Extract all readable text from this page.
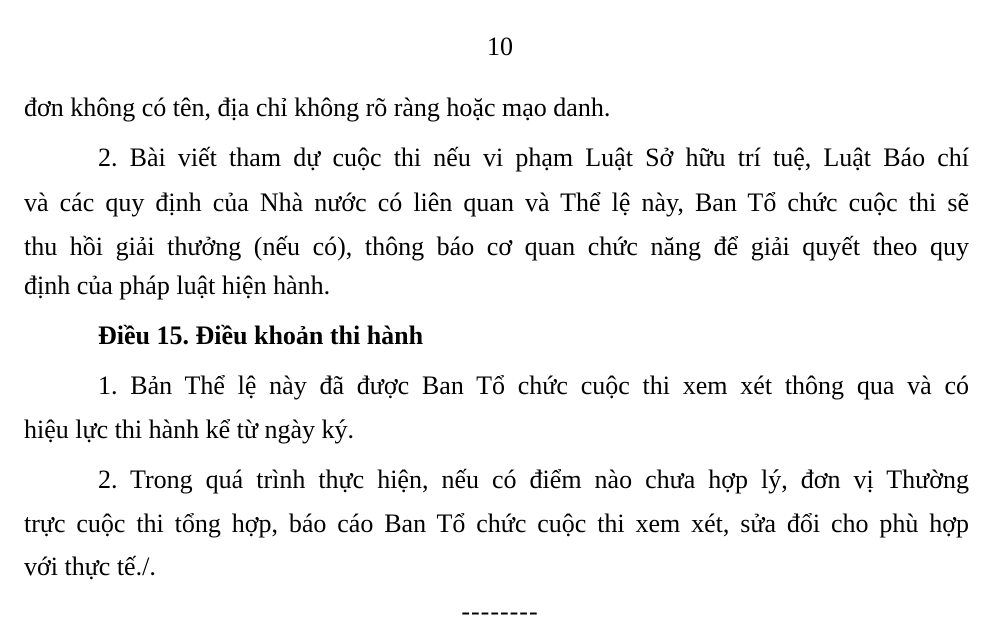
10
đơn không có tên, địa chỉ không rõ ràng hoặc mạo danh.
2. Bài viết tham dự cuộc thi nếu vi phạm Luật Sở hữu trí tuệ, Luật Báo chí
và các quy định của Nhà nước có liên quan và Thể lệ này, Ban Tổ chức cuộc thi sẽ
thu hồi giải thưởng (nếu có), thông báo cơ quan chức năng để giải quyết theo quy
định của pháp luật hiện hành.
Điều 15. Điều khoản thi hành
1. Bản Thể lệ này đã được Ban Tổ chức cuộc thi xem xét thông qua và có
hiệu lực thi hành kể từ ngày ký.
2. Trong quá trình thực hiện, nếu có điểm nào chưa hợp lý, đơn vị Thường
trực cuộc thi tổng hợp, báo cáo Ban Tổ chức cuộc thi xem xét, sửa đổi cho phù hợp
với thực tế./.
--------
